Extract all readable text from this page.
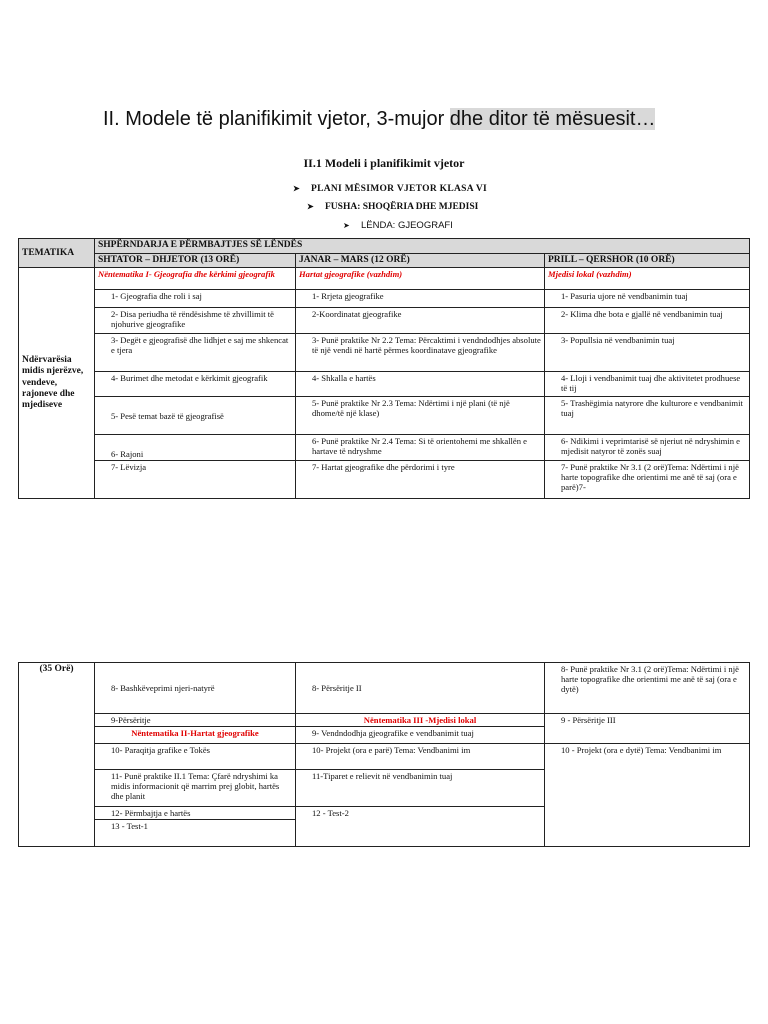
II. Modele të planifikimit vjetor, 3-mujor dhe ditor të mësuesit…
II.1 Modeli i planifikimit vjetor
➤ PLANI MËSIMOR VJETOR KLASA VI
➤ FUSHA: SHOQËRIA DHE MJEDISI
➤ LËNDA: GJEOGRAFI
TEMATIKA	SHPËRNDARJA E PËRMBAJTJES SË LËNDËS		
	SHTATOR – DHJETOR (13 ORË)	JANAR – MARS (12 ORË)	PRILL – QERSHOR (10 ORË)
Ndërvarësia midis njerëzve, vendeve, rajoneve dhe mjediseve	Nëntematika I- Gjeografia dhe kërkimi gjeografik	Hartat gjeografike (vazhdim)	Mjedisi lokal (vazhdim)
	1- Gjeografia dhe roli i saj	1- Rrjeta gjeografike	1- Pasuria ujore në vendbanimin tuaj
	2- Disa periudha të rëndësishme të zhvillimit të njohurive gjeografike	2-Koordinatat gjeografike	2- Klima dhe bota e gjallë në vendbanimin tuaj
	3- Degët e gjeografisë dhe lidhjet e saj me shkencat e tjera	3- Punë praktike Nr 2.2 Tema: Përcaktimi i vendndodhjes absolute të një vendi në hartë përmes koordinatave gjeografike	3- Popullsia në vendbanimin tuaj
	4- Burimet dhe metodat e kërkimit gjeografik	4- Shkalla e hartës	4- Lloji i vendbanimit tuaj dhe aktivitetet prodhuese të tij
	5- Pesë temat bazë të gjeografisë	5- Punë praktike Nr 2.3 Tema: Ndërtimi i një plani (të një dhome/të një klase)	5- Trashëgimia natyrore dhe kulturore e vendbanimit tuaj
	6- Rajoni	6- Punë praktike Nr 2.4 Tema: Si të orientohemi me shkallën e hartave të ndryshme	6- Ndikimi i veprimtarisë së njeriut në ndryshimin e mjedisit natyror të zonës suaj
	7- Lëvizja	7- Hartat gjeografike dhe përdorimi i tyre	7- Punë praktike Nr 3.1 (2 orë)Tema: Ndërtimi i një harte topografike dhe orientimi me anë të saj (ora e parë)7-
(35 Orë)	8- Bashkëveprimi njeri-natyrë	8- Përsëritje II	8- Punë praktike Nr 3.1 (2 orë)Tema: Ndërtimi i një harte topografike dhe orientimi me anë të saj (ora e dytë)
	9-Përsëritje	Nëntematika III -Mjedisi lokal	9 - Përsëritje III
	Nëntematika II-Hartat gjeografike	9- Vendndodhja gjeografike e vendbanimit tuaj	
	10- Paraqitja grafike e Tokës	10- Projekt (ora e parë) Tema: Vendbanimi im	10 - Projekt (ora e dytë) Tema: Vendbanimi im
	11- Punë praktike II.1 Tema: Çfarë ndryshimi ka midis informacionit që marrim prej globit, hartës dhe planit	11-Tiparet e relievit në vendbanimin tuaj	
	12- Përmbajtja e hartës	12 - Test-2	
	13 - Test-1		
